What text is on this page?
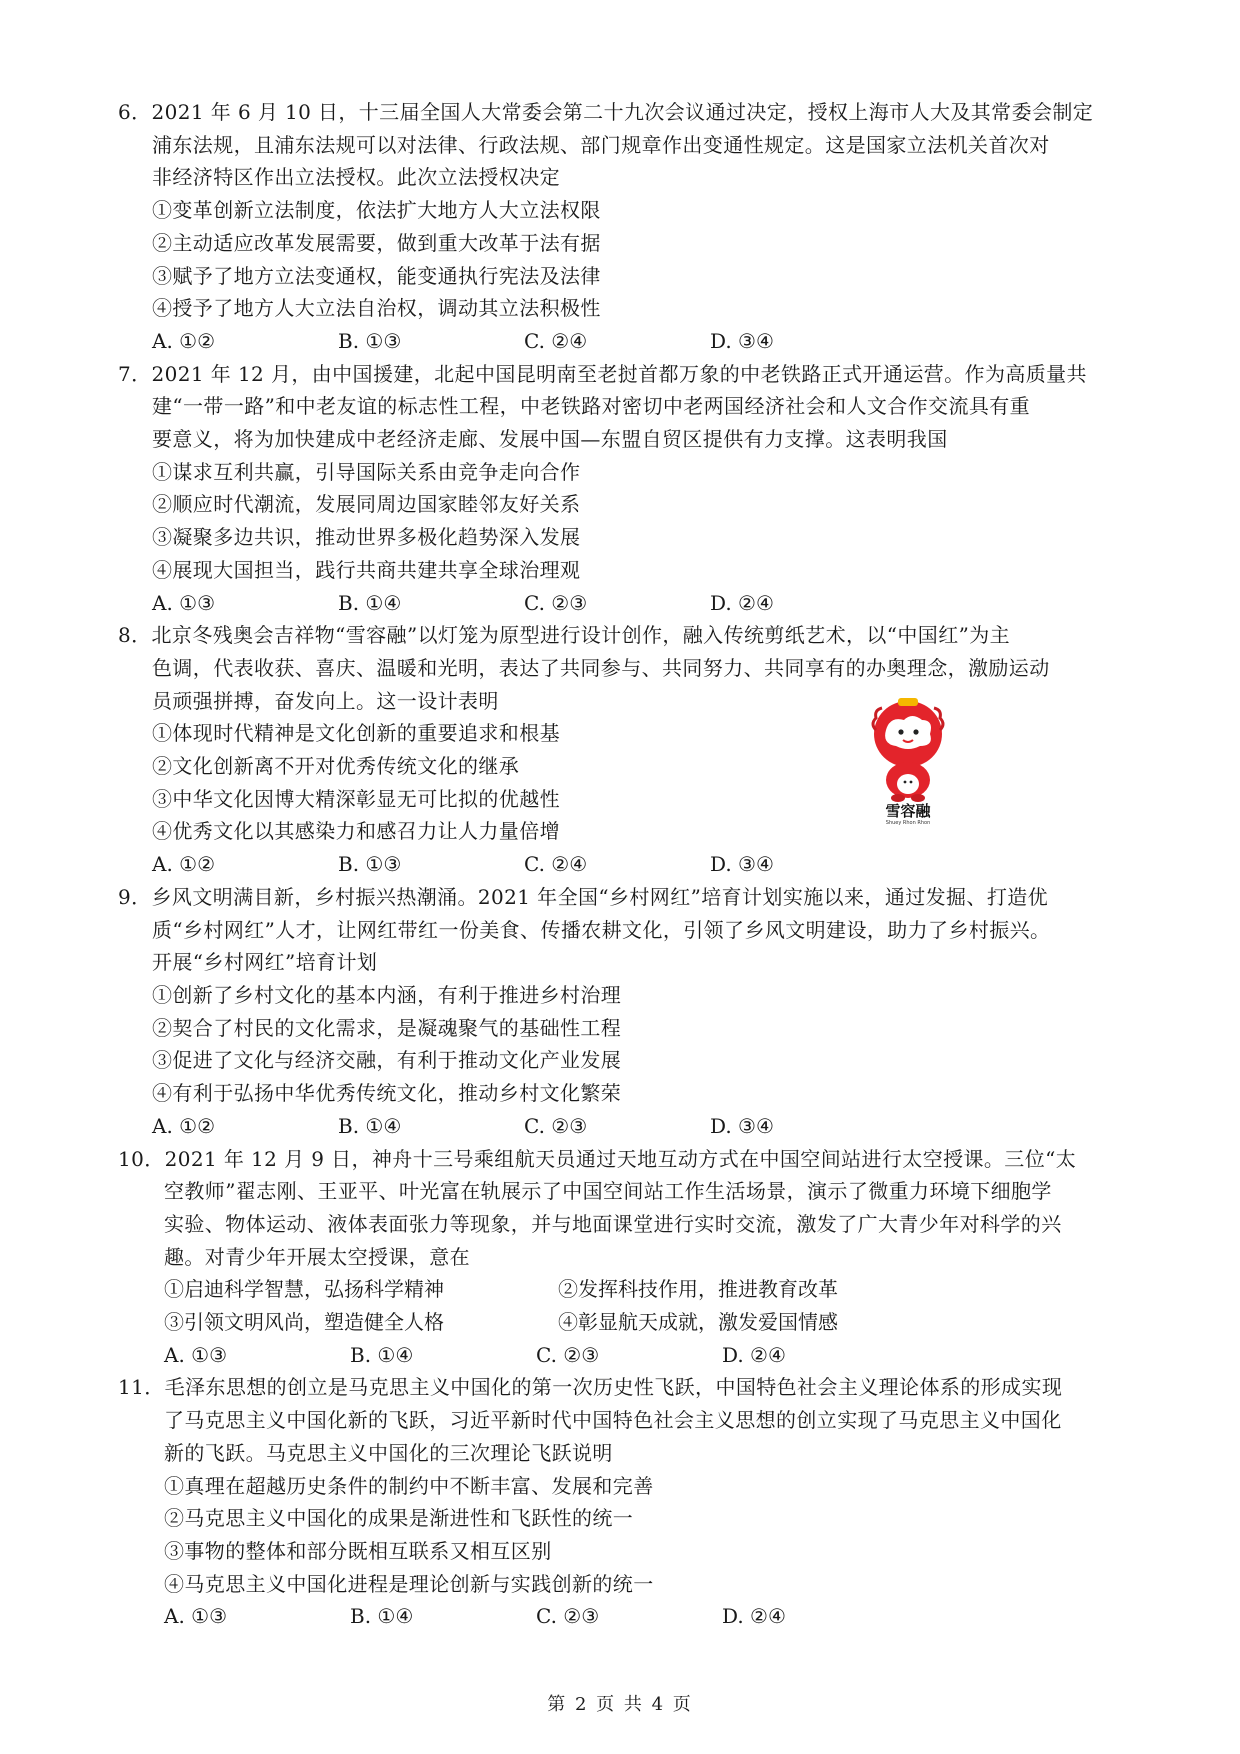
6．2021 年 6 月 10 日，十三届全国人大常委会第二十九次会议通过决定，授权上海市人大及其常委会制定
浦东法规，且浦东法规可以对法律、行政法规、部门规章作出变通性规定。这是国家立法机关首次对
非经济特区作出立法授权。此次立法授权决定
①变革创新立法制度，依法扩大地方人大立法权限
②主动适应改革发展需要，做到重大改革于法有据
③赋予了地方立法变通权，能变通执行宪法及法律
④授予了地方人大立法自治权，调动其立法积极性
A. ①②	B. ①③	C. ②④	D. ③④
7．2021 年 12 月，由中国援建，北起中国昆明南至老挝首都万象的中老铁路正式开通运营。作为高质量共
建“一带一路”和中老友谊的标志性工程，中老铁路对密切中老两国经济社会和人文合作交流具有重
要意义，将为加快建成中老经济走廊、发展中国—东盟自贸区提供有力支撑。这表明我国
①谋求互利共赢，引导国际关系由竞争走向合作
②顺应时代潮流，发展同周边国家睦邻友好关系
③凝聚多边共识，推动世界多极化趋势深入发展
④展现大国担当，践行共商共建共享全球治理观
A. ①③	B. ①④	C. ②③	D. ②④
8．北京冬残奥会吉祥物“雪容融”以灯笼为原型进行设计创作，融入传统剪纸艺术，以“中国红”为主
色调，代表收获、喜庆、温暖和光明，表达了共同参与、共同努力、共同享有的办奥理念，激励运动
员顽强拼搏，奋发向上。这一设计表明
①体现时代精神是文化创新的重要追求和根基
②文化创新离不开对优秀传统文化的继承
③中华文化因博大精深彰显无可比拟的优越性
④优秀文化以其感染力和感召力让人力量倍增
A. ①②	B. ①③	C. ②④	D. ③④
9．乡风文明满目新，乡村振兴热潮涌。2021 年全国“乡村网红”培育计划实施以来，通过发掘、打造优
质“乡村网红”人才，让网红带红一份美食、传播农耕文化，引领了乡风文明建设，助力了乡村振兴。
开展“乡村网红”培育计划
①创新了乡村文化的基本内涵，有利于推进乡村治理
②契合了村民的文化需求，是凝魂聚气的基础性工程
③促进了文化与经济交融，有利于推动文化产业发展
④有利于弘扬中华优秀传统文化，推动乡村文化繁荣
A. ①②	B. ①④	C. ②③	D. ③④
10．2021 年 12 月 9 日，神舟十三号乘组航天员通过天地互动方式在中国空间站进行太空授课。三位“太
空教师”翟志刚、王亚平、叶光富在轨展示了中国空间站工作生活场景，演示了微重力环境下细胞学
实验、物体运动、液体表面张力等现象，并与地面课堂进行实时交流，激发了广大青少年对科学的兴
趣。对青少年开展太空授课，意在
①启迪科学智慧，弘扬科学精神	②发挥科技作用，推进教育改革
③引领文明风尚，塑造健全人格	④彰显航天成就，激发爱国情感
A. ①③	B. ①④	C. ②③	D. ②④
11．毛泽东思想的创立是马克思主义中国化的第一次历史性飞跃，中国特色社会主义理论体系的形成实现
了马克思主义中国化新的飞跃，习近平新时代中国特色社会主义思想的创立实现了马克思主义中国化
新的飞跃。马克思主义中国化的三次理论飞跃说明
①真理在超越历史条件的制约中不断丰富、发展和完善
②马克思主义中国化的成果是渐进性和飞跃性的统一
③事物的整体和部分既相互联系又相互区别
④马克思主义中国化进程是理论创新与实践创新的统一
A. ①③	B. ①④	C. ②③	D. ②④
雪容融
Shuey Rhon Rhon
第 2 页 共 4 页
